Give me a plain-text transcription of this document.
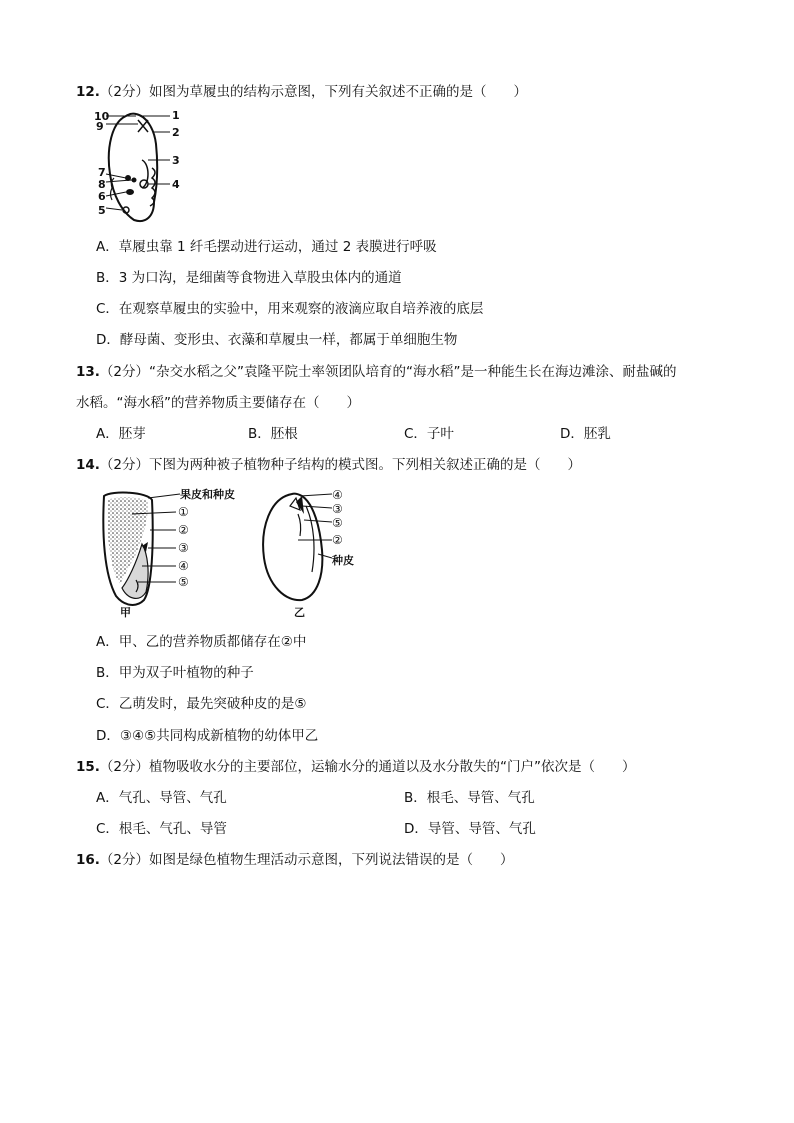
12.（2分）如图为草履虫的结构示意图，下列有关叙述不正确的是（　　）
10
9
7
8
6
5
1
2
3
4
A．草履虫靠 1 纤毛摆动进行运动，通过 2 表膜进行呼吸
B．3 为口沟，是细菌等食物进入草股虫体内的通道
C．在观察草履虫的实验中，用来观察的液滴应取自培养液的底层
D．酵母菌、变形虫、衣藻和草履虫一样，都属于单细胞生物
13.（2分）“杂交水稻之父”袁隆平院士率领团队培育的“海水稻”是一种能生长在海边滩涂、耐盐碱的
水稻。“海水稻”的营养物质主要储存在（　　）
A．胚芽	B．胚根	C．子叶	D．胚乳
14.（2分）下图为两种被子植物种子结构的模式图。下列相关叙述正确的是（　　）
果皮和种皮
①
②
③
④
⑤
甲
④
③
⑤
②
种皮
乙
A．甲、乙的营养物质都储存在②中
B．甲为双子叶植物的种子
C．乙萌发时，最先突破种皮的是⑤
D．③④⑤共同构成新植物的幼体甲乙
15.（2分）植物吸收水分的主要部位，运输水分的通道以及水分散失的“门户”依次是（　　）
A．气孔、导管、气孔	B．根毛、导管、气孔
C．根毛、气孔、导管	D．导管、导管、气孔
16.（2分）如图是绿色植物生理活动示意图，下列说法错误的是（　　）
